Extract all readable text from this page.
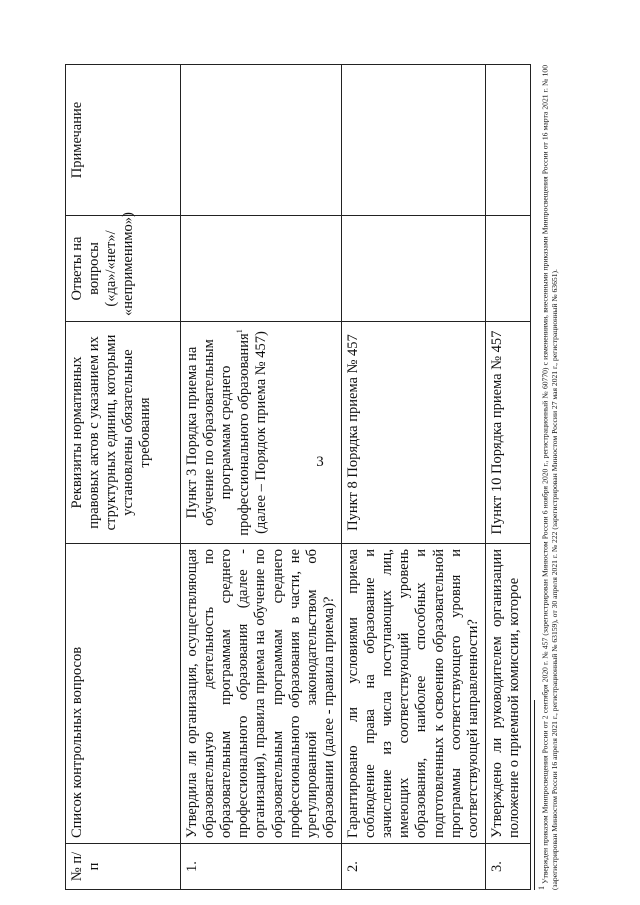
3
№ п/п	Список контрольных вопросов	Реквизиты нормативных правовых актов с указанием их структурных единиц, которыми установлены обязательные требования	Ответы на вопросы («да»/«нет»/ «неприменимо»)	Примечание
1.	Утвердила ли организация, осуществляющая образовательную деятельность по образовательным программам среднего профессионального образования (далее - организация), правила приема на обучение по образовательным программам среднего профессионального образования в части, не урегулированной законодательством об образовании (далее - правила приема)?	Пункт 3 Порядка приема на обучение по образовательным программам среднего профессионального образования$^1$ (далее – Порядок приема № 457)		
2.	Гарантировано ли условиями приема соблюдение права на образование и зачисление из числа поступающих лиц, имеющих соответствующий уровень образования, наиболее способных и подготовленных к освоению образовательной программы соответствующего уровня и соответствующей направленности?	Пункт 8 Порядка приема № 457		
3.	Утверждено ли руководителем организации положение о приемной комиссии, которое	Пункт 10 Порядка приема № 457		
$^1$ Утвержден приказом Минпросвещения России от 2 сентября 2020 г. № 457 (зарегистрирован Минюстом России 6 ноября 2020 г., регистрационный № 60770) с изменениями, внесенными приказами Минпросвещения России от 16 марта 2021 г. № 100 (зарегистрирован Минюстом России 16 апреля 2021 г., регистрационный № 63159), от 30 апреля 2021 г. № 222 (зарегистрирован Минюстом России 27 мая 2021 г., регистрационный № 63651).
